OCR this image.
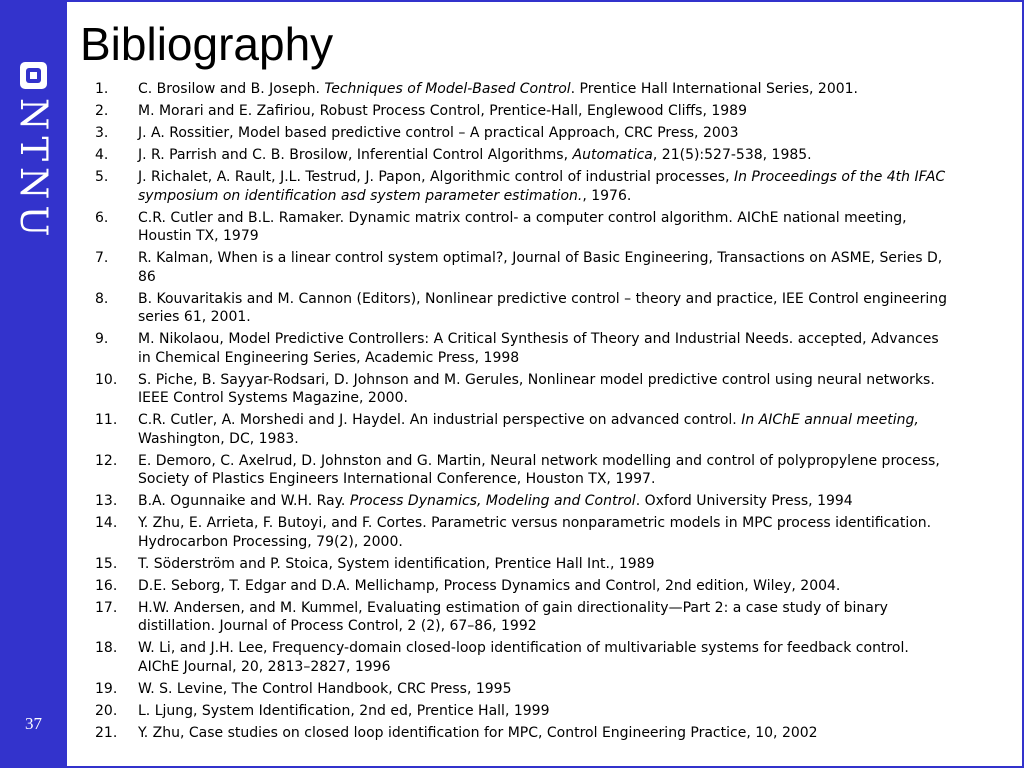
NTNU
37
Bibliography
1. C. Brosilow and B. Joseph. Techniques of Model-Based Control. Prentice Hall International Series, 2001.
2. M. Morari and E. Zafiriou, Robust Process Control, Prentice-Hall, Englewood Cliffs, 1989
3. J. A. Rossitier, Model based predictive control – A practical Approach, CRC Press, 2003
4. J. R. Parrish and C. B. Brosilow, Inferential Control Algorithms, Automatica, 21(5):527-538, 1985.
5. J. Richalet, A. Rault, J.L. Testrud, J. Papon, Algorithmic control of industrial processes, In Proceedings of the 4th IFAC symposium on identification asd system parameter estimation., 1976.
6. C.R. Cutler and B.L. Ramaker. Dynamic matrix control- a computer control algorithm. AIChE national meeting, Houstin TX, 1979
7. R. Kalman, When is a linear control system optimal?, Journal of Basic Engineering, Transactions on ASME, Series D, 86
8. B. Kouvaritakis and M. Cannon (Editors), Nonlinear predictive control – theory and practice, IEE Control engineering series 61, 2001.
9. M. Nikolaou, Model Predictive Controllers: A Critical Synthesis of Theory and Industrial Needs. accepted, Advances in Chemical Engineering Series, Academic Press, 1998
10. S. Piche, B. Sayyar-Rodsari, D. Johnson and M. Gerules, Nonlinear model predictive control using neural networks. IEEE Control Systems Magazine, 2000.
11. C.R. Cutler, A. Morshedi and J. Haydel. An industrial perspective on advanced control. In AIChE annual meeting, Washington, DC, 1983.
12. E. Demoro, C. Axelrud, D. Johnston and G. Martin, Neural network modelling and control of polypropylene process, Society of Plastics Engineers International Conference, Houston TX, 1997.
13. B.A. Ogunnaike and W.H. Ray. Process Dynamics, Modeling and Control. Oxford University Press, 1994
14. Y. Zhu, E. Arrieta, F. Butoyi, and F. Cortes. Parametric versus nonparametric models in MPC process identification. Hydrocarbon Processing, 79(2), 2000.
15. T. Söderström and P. Stoica, System identification, Prentice Hall Int., 1989
16. D.E. Seborg, T. Edgar and D.A. Mellichamp, Process Dynamics and Control, 2nd edition, Wiley, 2004.
17. H.W. Andersen, and M. Kummel, Evaluating estimation of gain directionality—Part 2: a case study of binary distillation. Journal of Process Control, 2 (2), 67–86, 1992
18. W. Li, and J.H. Lee, Frequency-domain closed-loop identification of multivariable systems for feedback control. AIChE Journal, 20, 2813–2827, 1996
19. W. S. Levine, The Control Handbook, CRC Press, 1995
20. L. Ljung, System Identification, 2nd ed, Prentice Hall, 1999
21. Y. Zhu, Case studies on closed loop identification for MPC, Control Engineering Practice, 10, 2002
